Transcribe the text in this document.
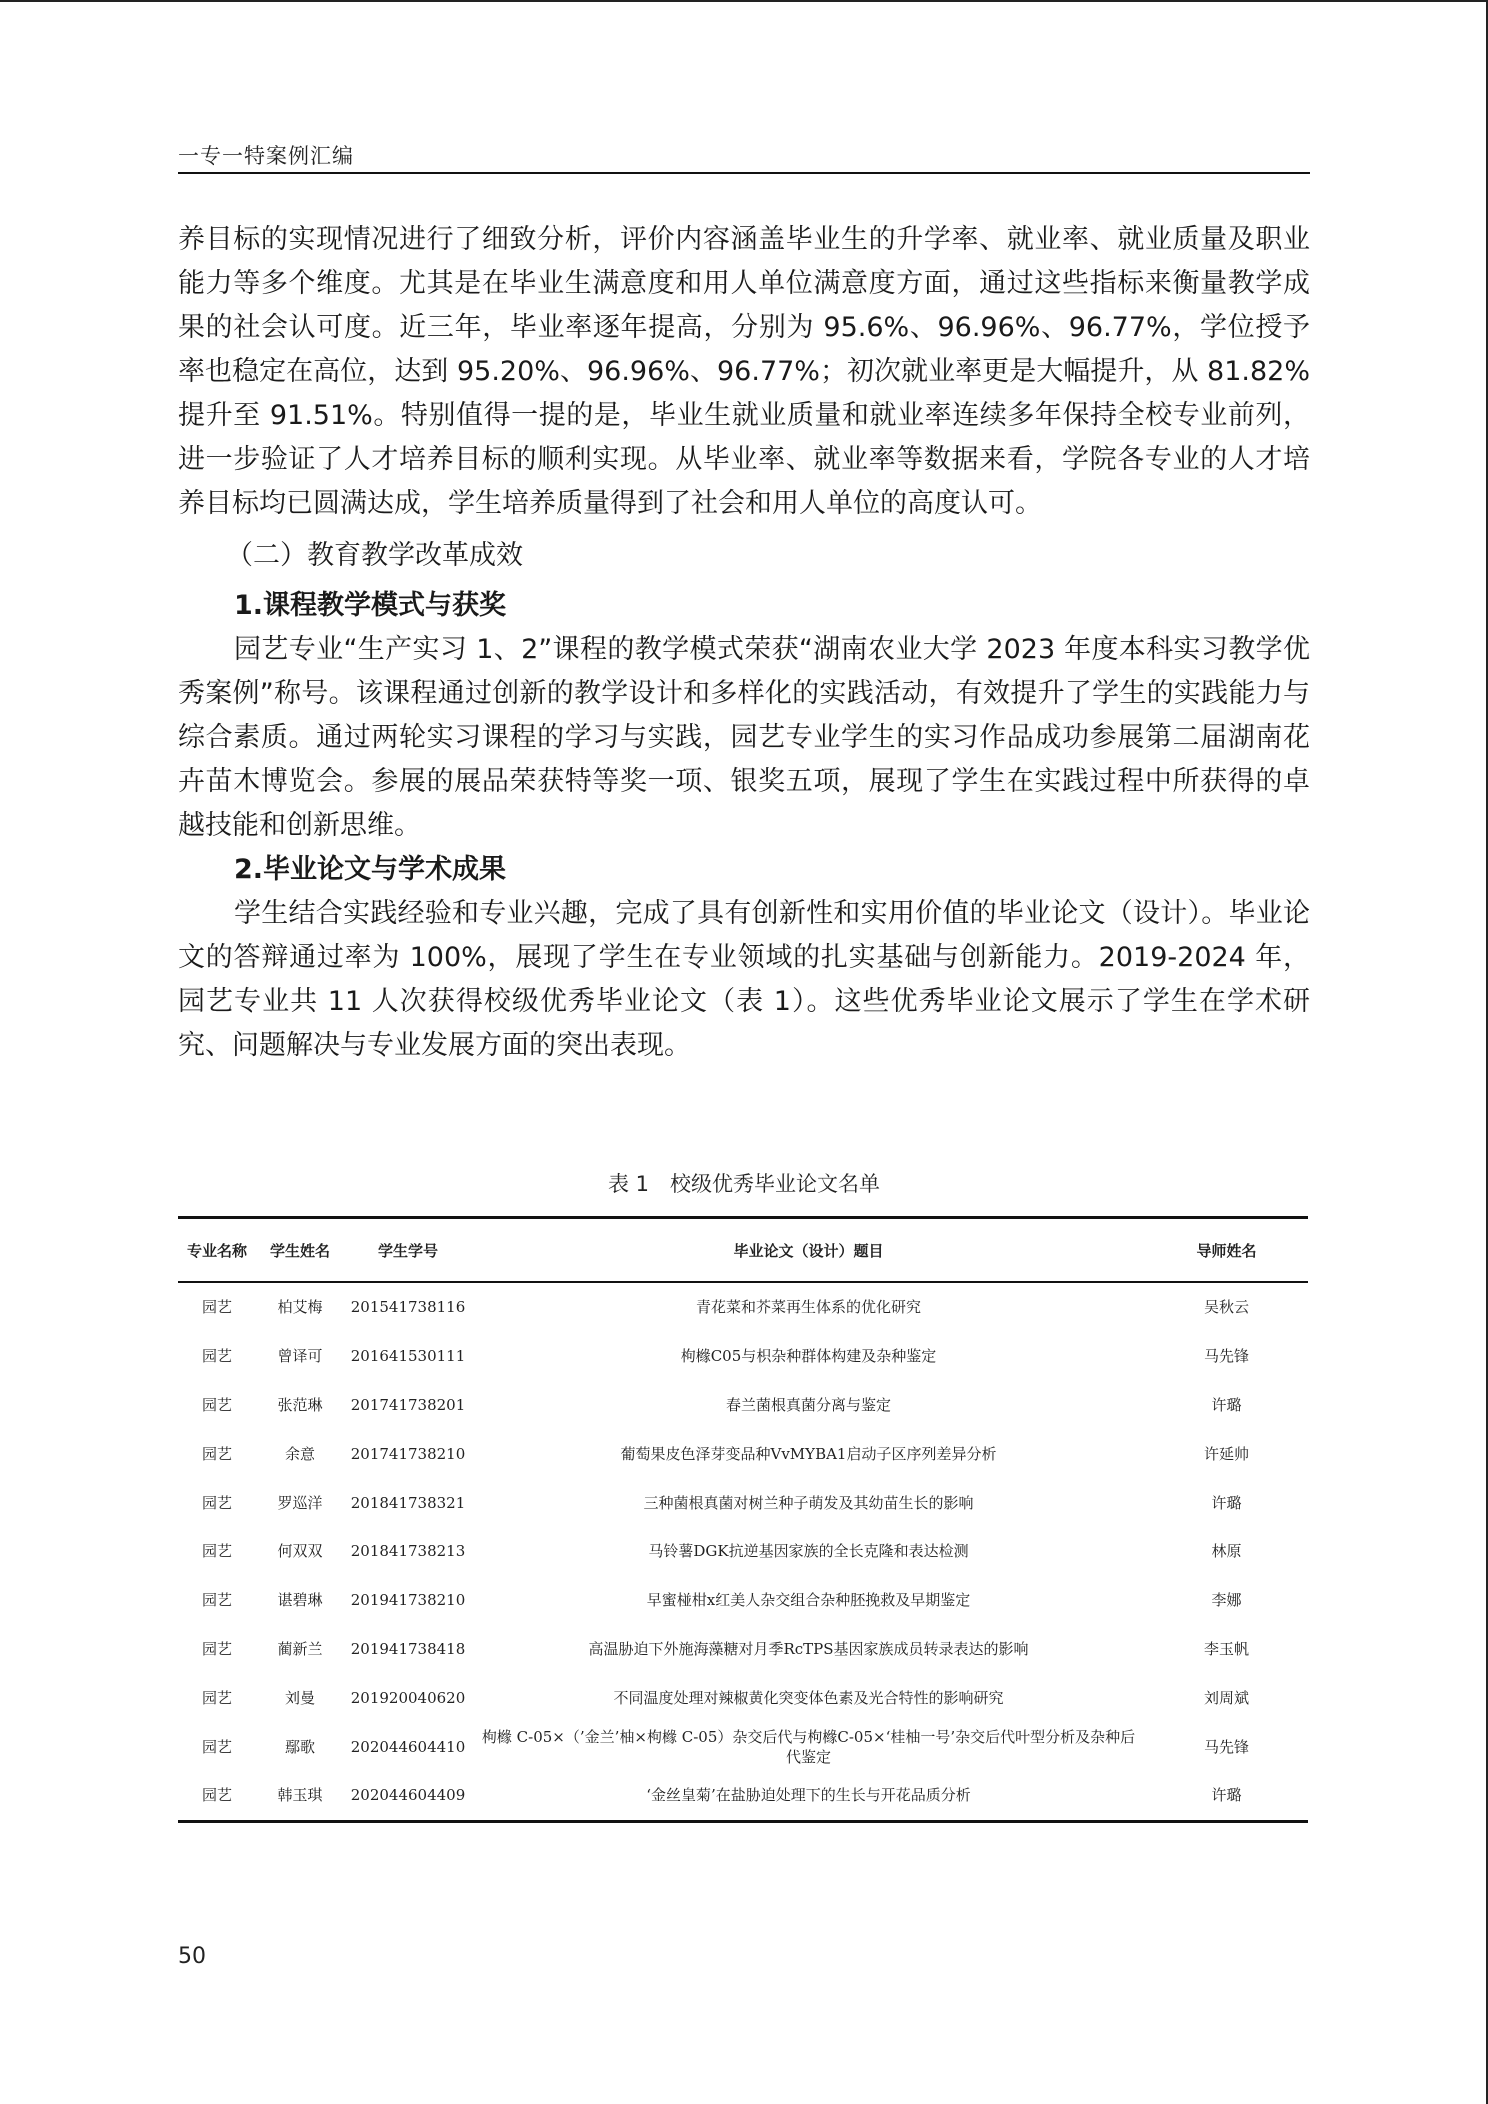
一专一特案例汇编

养目标的实现情况进行了细致分析，评价内容涵盖毕业生的升学率、就业率、就业质量及职业能力等多个维度。尤其是在毕业生满意度和用人单位满意度方面，通过这些指标来衡量教学成果的社会认可度。近三年，毕业率逐年提高，分别为 95.6%、96.96%、96.77%，学位授予率也稳定在高位，达到 95.20%、96.96%、96.77%；初次就业率更是大幅提升，从 81.82%提升至 91.51%。特别值得一提的是，毕业生就业质量和就业率连续多年保持全校专业前列，进一步验证了人才培养目标的顺利实现。从毕业率、就业率等数据来看，学院各专业的人才培养目标均已圆满达成，学生培养质量得到了社会和用人单位的高度认可。

（二）教育教学改革成效

1.课程教学模式与获奖

园艺专业“生产实习 1、2”课程的教学模式荣获“湖南农业大学 2023 年度本科实习教学优秀案例”称号。该课程通过创新的教学设计和多样化的实践活动，有效提升了学生的实践能力与综合素质。通过两轮实习课程的学习与实践，园艺专业学生的实习作品成功参展第二届湖南花卉苗木博览会。参展的展品荣获特等奖一项、银奖五项，展现了学生在实践过程中所获得的卓越技能和创新思维。

2.毕业论文与学术成果

学生结合实践经验和专业兴趣，完成了具有创新性和实用价值的毕业论文（设计）。毕业论文的答辩通过率为 100%，展现了学生在专业领域的扎实基础与创新能力。2019-2024 年，园艺专业共 11 人次获得校级优秀毕业论文（表 1）。这些优秀毕业论文展示了学生在学术研究、问题解决与专业发展方面的突出表现。

表 1　校级优秀毕业论文名单
专业名称	学生姓名	学生学号	毕业论文（设计）题目	导师姓名
园艺	柏艾梅	201541738116	青花菜和芥菜再生体系的优化研究	吴秋云
园艺	曾译可	201641530111	枸橼C05与枳杂种群体构建及杂种鉴定	马先锋
园艺	张范琳	201741738201	春兰菌根真菌分离与鉴定	许璐
园艺	余意	201741738210	葡萄果皮色泽芽变品种VvMYBA1启动子区序列差异分析	许延帅
园艺	罗巡洋	201841738321	三种菌根真菌对树兰种子萌发及其幼苗生长的影响	许璐
园艺	何双双	201841738213	马铃薯DGK抗逆基因家族的全长克隆和表达检测	林原
园艺	谌碧琳	201941738210	早蜜椪柑x红美人杂交组合杂种胚挽救及早期鉴定	李娜
园艺	蔺新兰	201941738418	高温胁迫下外施海藻糖对月季RcTPS基因家族成员转录表达的影响	李玉帆
园艺	刘曼	201920040620	不同温度处理对辣椒黄化突变体色素及光合特性的影响研究	刘周斌
园艺	鄢歌	202044604410	枸橼 C-05×（’金兰’柚×枸橼 C-05）杂交后代与枸橼C-05×‘桂柚一号’杂交后代叶型分析及杂种后代鉴定	马先锋
园艺	韩玉琪	202044604409	‘金丝皇菊’在盐胁迫处理下的生长与开花品质分析	许璐
50
